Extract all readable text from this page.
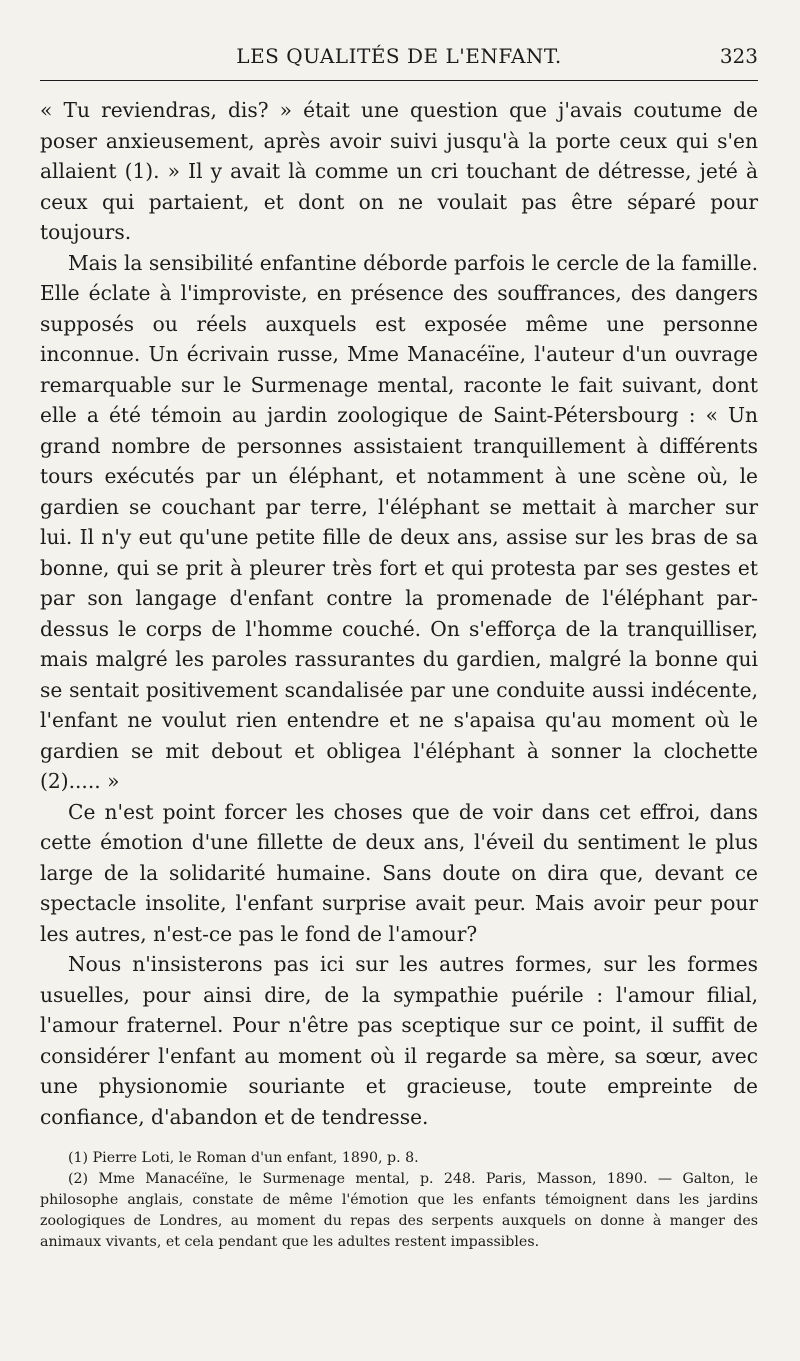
LES QUALITÉS DE L'ENFANT.	323

« Tu reviendras, dis? » était une question que j'avais coutume de poser anxieusement, après avoir suivi jusqu'à la porte ceux qui s'en allaient (1). » Il y avait là comme un cri touchant de détresse, jeté à ceux qui partaient, et dont on ne voulait pas être séparé pour toujours.

Mais la sensibilité enfantine déborde parfois le cercle de la famille. Elle éclate à l'improviste, en présence des souffrances, des dangers supposés ou réels auxquels est exposée même une personne inconnue. Un écrivain russe, Mme Manacéïne, l'auteur d'un ouvrage remarquable sur le Surmenage mental, raconte le fait suivant, dont elle a été témoin au jardin zoologique de Saint-Pétersbourg : « Un grand nombre de personnes assistaient tranquillement à différents tours exécutés par un éléphant, et notamment à une scène où, le gardien se couchant par terre, l'éléphant se mettait à marcher sur lui. Il n'y eut qu'une petite fille de deux ans, assise sur les bras de sa bonne, qui se prit à pleurer très fort et qui protesta par ses gestes et par son langage d'enfant contre la promenade de l'éléphant par-dessus le corps de l'homme couché. On s'efforça de la tranquilliser, mais malgré les paroles rassurantes du gardien, malgré la bonne qui se sentait positivement scandalisée par une conduite aussi indécente, l'enfant ne voulut rien entendre et ne s'apaisa qu'au moment où le gardien se mit debout et obligea l'éléphant à sonner la clochette (2)..... »

Ce n'est point forcer les choses que de voir dans cet effroi, dans cette émotion d'une fillette de deux ans, l'éveil du sentiment le plus large de la solidarité humaine. Sans doute on dira que, devant ce spectacle insolite, l'enfant surprise avait peur. Mais avoir peur pour les autres, n'est-ce pas le fond de l'amour?

Nous n'insisterons pas ici sur les autres formes, sur les formes usuelles, pour ainsi dire, de la sympathie puérile : l'amour filial, l'amour fraternel. Pour n'être pas sceptique sur ce point, il suffit de considérer l'enfant au moment où il regarde sa mère, sa sœur, avec une physionomie souriante et gracieuse, toute empreinte de confiance, d'abandon et de tendresse.

(1) Pierre Loti, le Roman d'un enfant, 1890, p. 8.

(2) Mme Manacéïne, le Surmenage mental, p. 248. Paris, Masson, 1890. — Galton, le philosophe anglais, constate de même l'émotion que les enfants témoignent dans les jardins zoologiques de Londres, au moment du repas des serpents auxquels on donne à manger des animaux vivants, et cela pendant que les adultes restent impassibles.
